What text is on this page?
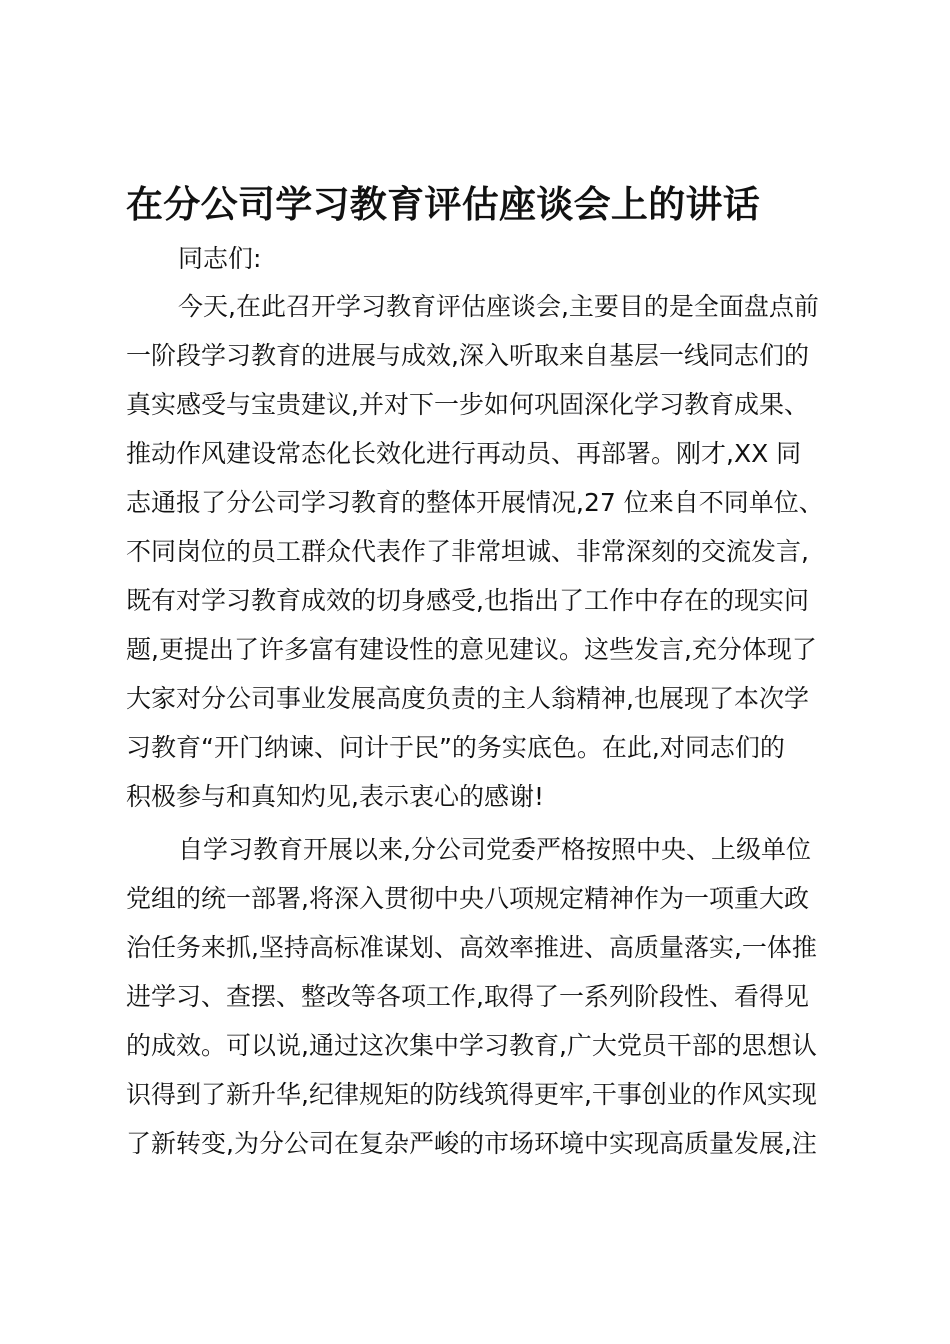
在分公司学习教育评估座谈会上的讲话

同志们:

今天,在此召开学习教育评估座谈会,主要目的是全面盘点前

一阶段学习教育的进展与成效,深入听取来自基层一线同志们的

真实感受与宝贵建议,并对下一步如何巩固深化学习教育成果、

推动作风建设常态化长效化进行再动员、再部署。刚才,XX 同

志通报了分公司学习教育的整体开展情况,27 位来自不同单位、

不同岗位的员工群众代表作了非常坦诚、非常深刻的交流发言,

既有对学习教育成效的切身感受,也指出了工作中存在的现实问

题,更提出了许多富有建设性的意见建议。这些发言,充分体现了

大家对分公司事业发展高度负责的主人翁精神,也展现了本次学

习教育“开门纳谏、问计于民”的务实底色。在此,对同志们的

积极参与和真知灼见,表示衷心的感谢!

自学习教育开展以来,分公司党委严格按照中央、上级单位

党组的统一部署,将深入贯彻中央八项规定精神作为一项重大政

治任务来抓,坚持高标准谋划、高效率推进、高质量落实,一体推

进学习、查摆、整改等各项工作,取得了一系列阶段性、看得见

的成效。可以说,通过这次集中学习教育,广大党员干部的思想认

识得到了新升华,纪律规矩的防线筑得更牢,干事创业的作风实现

了新转变,为分公司在复杂严峻的市场环境中实现高质量发展,注
